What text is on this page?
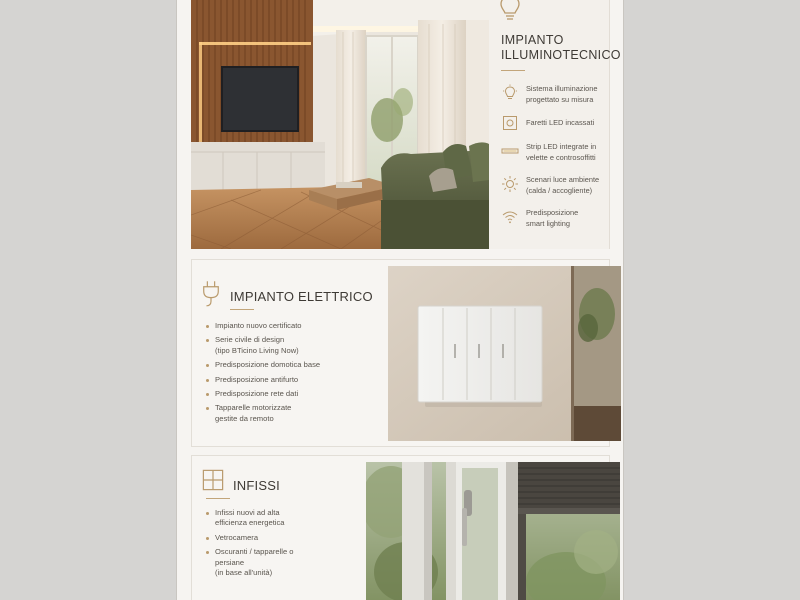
IMPIANTO
ILLUMINOTECNICO
Sistema illuminazione
progettato su misura
Faretti LED incassati
Strip LED integrate in
velette e controsoffitti
Scenari luce ambiente
(calda / accogliente)
Predisposizione
smart lighting
IMPIANTO ELETTRICO
Impianto nuovo certificato
Serie civile di design
(tipo BTicino Living Now)
Predisposizione domotica base
Predisposizione antifurto
Predisposizione rete dati
Tapparelle motorizzate
gestite da remoto
INFISSI
Infissi nuovi ad alta
efficienza energetica
Vetrocamera
Oscuranti / tapparelle o
persiane
(in base all'unità)
